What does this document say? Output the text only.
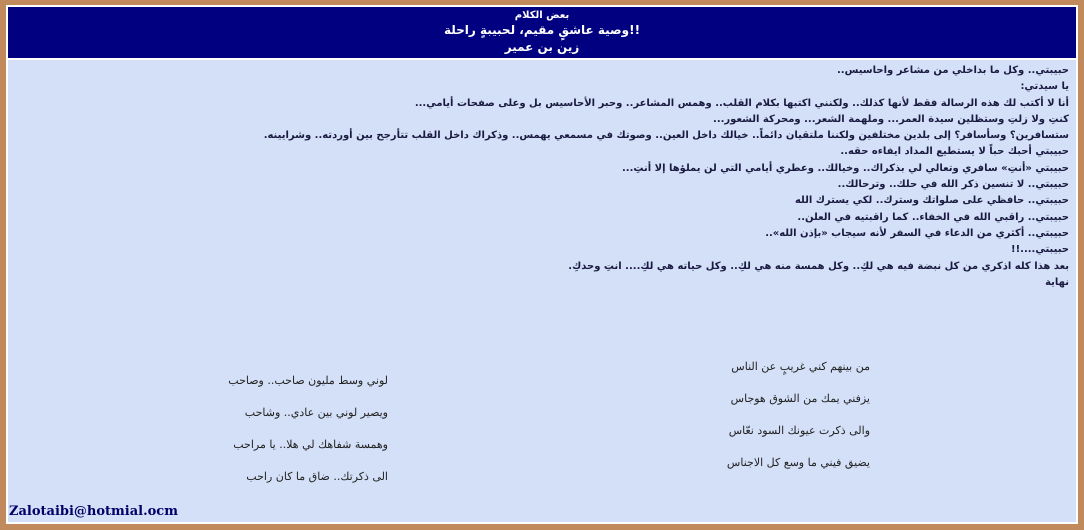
بعض الكلام
وصية عاشقٍ مقيم، لحبيبةٍ راحلة!!
زين بن عمير
حبيبتي.. وكل ما بداخلي من مشاعر واحاسيس..
يا سيدتي:
أنا لا أكتب لك هذه الرسالة فقط لأنها كذلك.. ولكنني اكتبها بكلام القلب.. وهمس المشاعر.. وحبر الأحاسيس بل وعلى صفحات أيامي...
كنتِ ولا زلتِ وستظلين سيدة العمر... وملهمة الشعر... ومحركة الشعور...
ستسافرين؟ وسأسافر؟ إلى بلدين مختلفين ولكننا ملتقيان دائماً.. خيالك داخل العين.. وصوتك في مسمعي يهمس.. وذكراك داخل القلب تتأرجح بين أوردته.. وشرايينه.
حبيبتي أحبك حباً لا يستطيع المداد ايفاءه حقه..
حبيبتي «أنتِ» سافري وتعالي لي بذكراك.. وخيالك.. وعطري أيامي التي لن يملؤها إلا أنتِ...
حبيبتي.. لا تنسين ذكر الله في حلك.. وترحالك..
حبيبتي.. حافظي على صلواتك وسترك.. لكي يسترك الله
حبيبتي.. راقبي الله في الخفاء.. كما راقبتيه في العلن..
حبيبتي.. أكثري من الدعاء في السفر لأنه سيجاب «بإذن الله»..
حبيبتي....!!
بعد هذا كله اذكري من كل نبضة فيه هي لكِ.. وكل همسة منه هي لكِ.. وكل حياته هي لكِ.... انتِ وحدكِ.
نهاية
من بينهم كني غريبٍ عن الناس
يزفني يمك من الشوق هوجاس
والى ذكرت عيونك السود نعّاس
يضيق فيني ما وسع كل الاجناس
لوني وسط مليون صاحب.. وصاحب
ويصير لوني بين عادي.. وشاحب
وهمسة شفاهك لي هلا.. يا مراحب
الى ذكرتك.. ضاق ما كان راحب
Zalotaibi@hotmial.ocm
